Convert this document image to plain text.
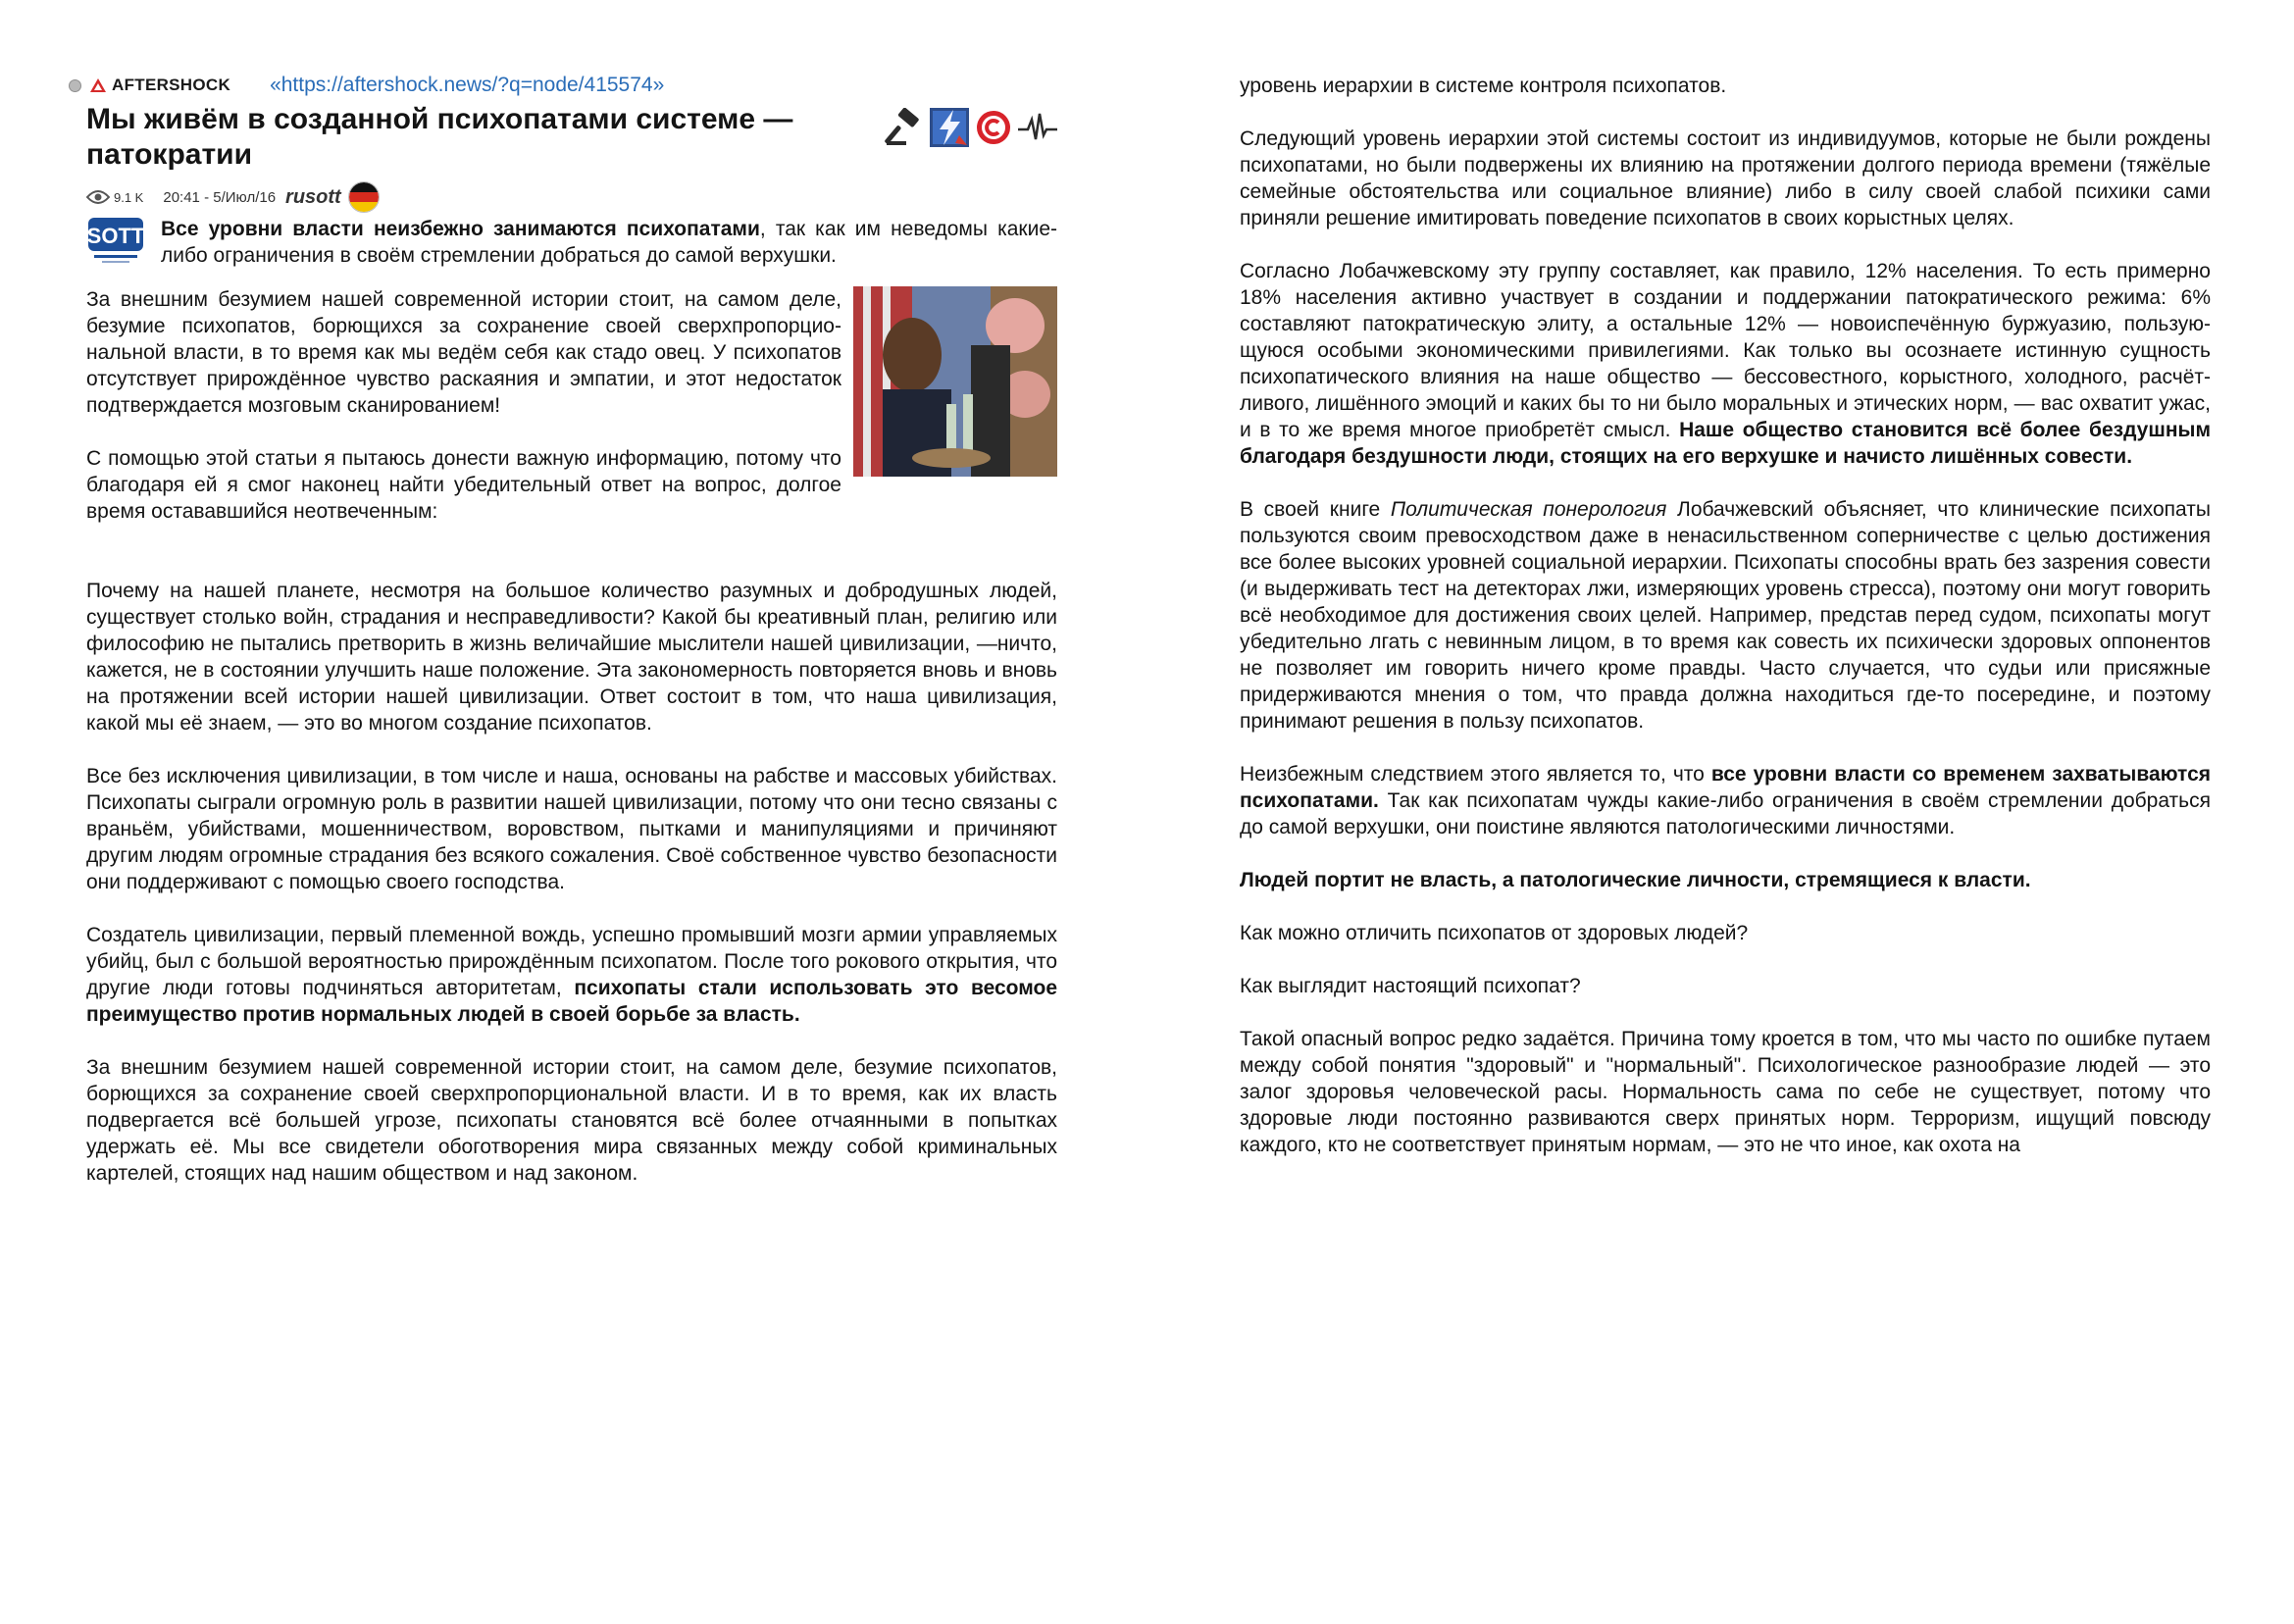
AFTERSHOCK «https://aftershock.news/?q=node/415574»
Мы живём в созданной психопатами системе — патократии
9.1 K 20:41 - 5/Июл/16 rusott
SOTT Все уровни власти неизбежно занимаются психопатами, так как им неведомы какие-либо ограничения в своём стремлении добраться до самой верхушки.

За внешним безумием нашей современной истории стоит, на самом деле, безумие психопатов, борющихся за сохранение своей сверхпропорциональной власти, в то время как мы ведём себя как стадо овец. У психопатов отсутствует прирождённое чувство раскаяния и эмпатии, и этот недостаток подтверждается мозговым сканированием!

С помощью этой статьи я пытаюсь донести важную информацию, потому что благодаря ей я смог наконец найти убедительный ответ на вопрос, долгое время остававшийся неотвеченным:

Почему на нашей планете, несмотря на большое количество разумных и добродушных людей, существует столько войн, страдания и несправедливости? Какой бы креативный план, религию или философию не пытались претворить в жизнь величайшие мыслители нашей цивилизации, —ничто, кажется, не в состоянии улучшить наше положение. Эта закономерность повторяется вновь и вновь на протяжении всей истории нашей цивилизации. Ответ состоит в том, что наша цивилизация, какой мы её знаем, — это во многом создание психопатов.

Все без исключения цивилизации, в том числе и наша, основаны на рабстве и массовых убийствах. Психопаты сыграли огромную роль в развитии нашей цивилизации, потому что они тесно связаны с враньём, убийствами, мошенничеством, воровством, пытками и манипуляциями и причиняют другим людям огромные страдания без всякого сожаления. Своё собственное чувство безопасности они поддерживают с помощью своего господства.

Создатель цивилизации, первый племенной вождь, успешно промывший мозги армии управляемых убийц, был с большой вероятностью прирождённым психопатом. После того рокового открытия, что другие люди готовы подчиняться авторитетам, психопаты стали использовать это весомое преимущество против нормальных людей в своей борьбе за власть.

За внешним безумием нашей современной истории стоит, на самом деле, безумие психопатов, борющихся за сохранение своей сверхпропорциональной власти. И в то время, как их власть подвергается всё большей угрозе, психопаты становятся всё более отчаянными в попытках удержать её. Мы все свидетели обоготворения мира связанных между собой криминальных картелей, стоящих над нашим обществом и над законом.

уровень иерархии в системе контроля психопатов.

Следующий уровень иерархии этой системы состоит из индивидуумов, которые не были рождены психопатами, но были подвержены их влиянию на протяжении долгого периода времени (тяжёлые семейные обстоятельства или социальное влияние) либо в силу своей слабой психики сами приняли решение имитировать поведение психопатов в своих корыстных целях.

Согласно Лобачжевскому эту группу составляет, как правило, 12% населения. То есть примерно 18% населения активно участвует в создании и поддержании патократического режима: 6% составляют патократическую элиту, а остальные 12% — новоиспечённую буржуазию, пользующуюся особыми экономическими привилегиями. Как только вы осознаете истинную сущность психопатического влияния на наше общество — бессовестного, корыстного, холодного, расчётливого, лишённого эмоций и каких бы то ни было моральных и этических норм, — вас охватит ужас, и в то же время многое приобретёт смысл. Наше общество становится всё более бездушным благодаря бездушности люди, стоящих на его верхушке и начисто лишённых совести.

В своей книге Политическая понерология Лобачжевский объясняет, что клинические психопаты пользуются своим превосходством даже в ненасильственном соперничестве с целью достижения все более высоких уровней социальной иерархии. Психопаты способны врать без зазрения совести (и выдерживать тест на детекторах лжи, измеряющих уровень стресса), поэтому они могут говорить всё необходимое для достижения своих целей. Например, представ перед судом, психопаты могут убедительно лгать с невинным лицом, в то время как совесть их психически здоровых оппонентов не позволяет им говорить ничего кроме правды. Часто случается, что судьи или присяжные придерживаются мнения о том, что правда должна находиться где-то посередине, и поэтому принимают решения в пользу психопатов.

Неизбежным следствием этого является то, что все уровни власти со временем захватываются психопатами. Так как психопатам чужды какие-либо ограничения в своём стремлении добраться до самой верхушки, они поистине являются патологическими личностями.

Людей портит не власть, а патологические личности, стремящиеся к власти.

Как можно отличить психопатов от здоровых людей?

Как выглядит настоящий психопат?

Такой опасный вопрос редко задаётся. Причина тому кроется в том, что мы часто по ошибке путаем между собой понятия "здоровый" и "нормальный". Психологическое разнообразие людей — это залог здоровья человеческой расы. Нормальность сама по себе не существует, потому что здоровые люди постоянно развиваются сверх принятых норм. Терроризм, ищущий повсюду каждого, кто не соответствует принятым нормам, — это не что иное, как охота на
